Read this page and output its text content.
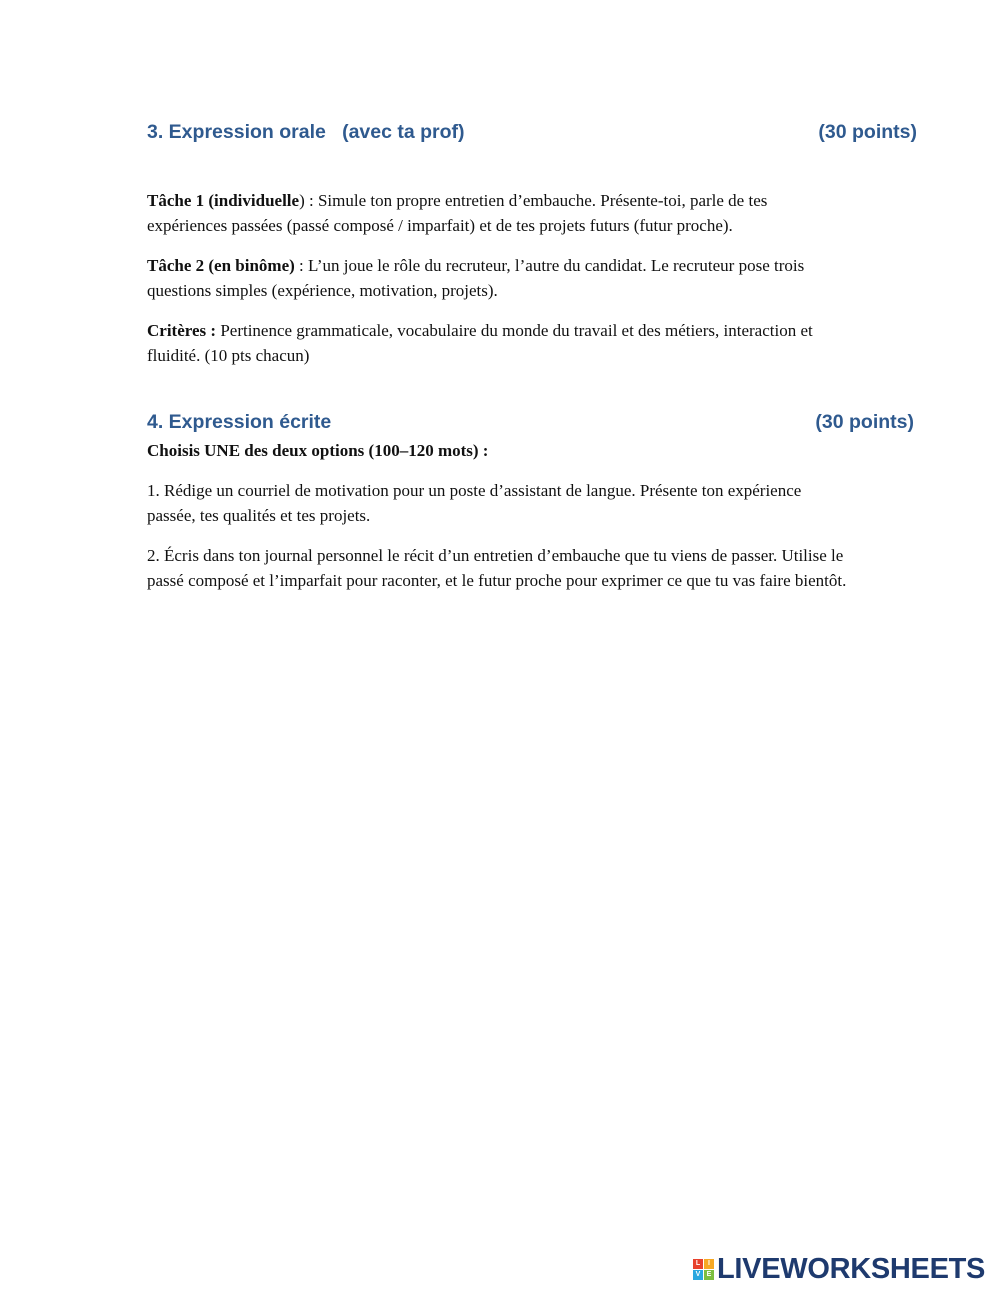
3. Expression orale   (avec ta prof)	(30 points)
Tâche 1 (individuelle) : Simule ton propre entretien d’embauche. Présente-toi, parle de tes
expériences passées (passé composé / imparfait) et de tes projets futurs (futur proche).
Tâche 2 (en binôme) : L’un joue le rôle du recruteur, l’autre du candidat. Le recruteur pose trois
questions simples (expérience, motivation, projets).
Critères : Pertinence grammaticale, vocabulaire du monde du travail et des métiers, interaction et
fluidité. (10 pts chacun)
4. Expression écrite	(30 points)
Choisis UNE des deux options (100–120 mots) :
1. Rédige un courriel de motivation pour un poste d’assistant de langue. Présente ton expérience
passée, tes qualités et tes projets.
2. Écris dans ton journal personnel le récit d’un entretien d’embauche que tu viens de passer. Utilise le
passé composé et l’imparfait pour raconter, et le futur proche pour exprimer ce que tu vas faire bientôt.
L	I
V E LIVEWORKSHEETS
